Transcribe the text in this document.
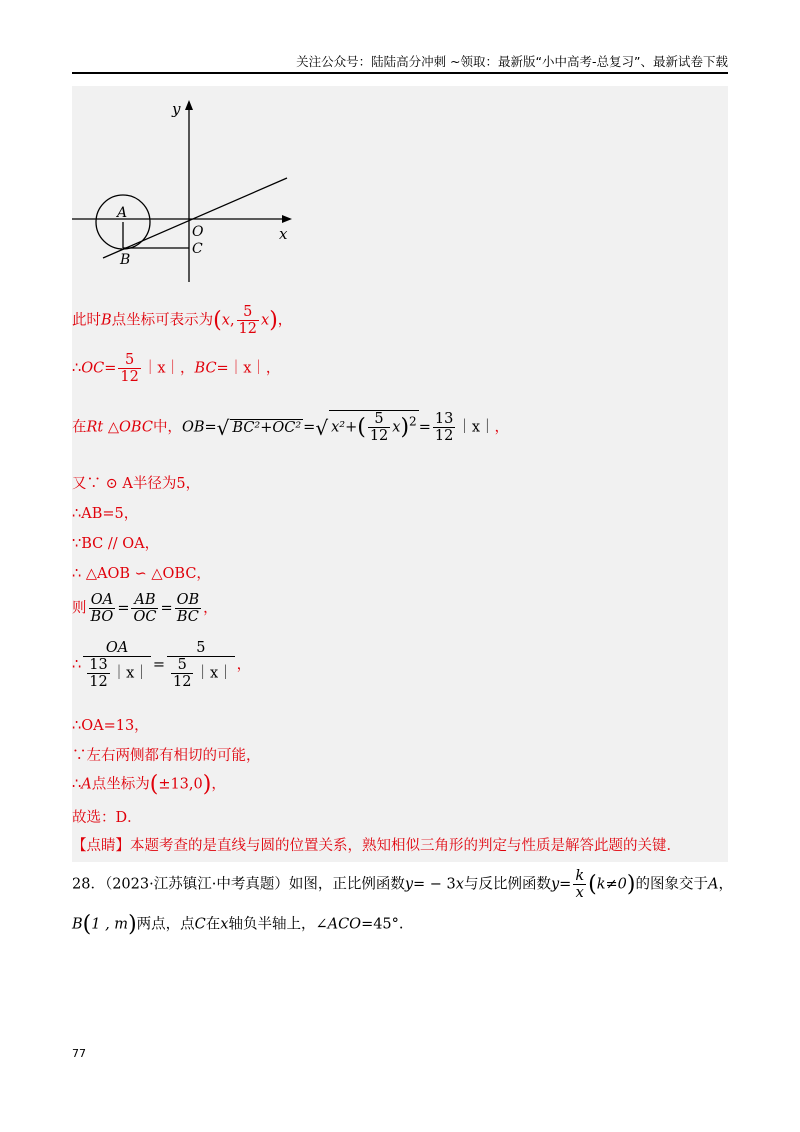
关注公众号：陆陆高分冲刺 ~领取：最新版“小中高考-总复习”、最新试卷下载
y
x
A
B
O
C
此时B点坐标可表示为(x, $\frac{5}{12} x$)，
∴OC= $\frac{5}{12}$ ｜x｜，BC=｜x｜，
在Rt △OBC中，OB=√ BC²+OC² =√ $x^2+( \frac{5}{12} x)^2 = \frac{13}{12}$ ｜x｜，
又∵ ⊙ A半径为5，
∴AB=5，
∵BC // OA，
∴ △AOB ∽ △OBC，
则 $\frac{OA}{BO} = \frac{AB}{OC} = \frac{OB}{BC}$ ，
∴ $\frac{OA}{\frac{13}{12} |x|} = \frac{5}{\frac{5}{12} |x|}$ ，
∴OA=13，
∵左右两侧都有相切的可能，
∴A点坐标为(±13,0)，
故选：D．
【点睛】本题考查的是直线与圆的位置关系，熟知相似三角形的判定与性质是解答此题的关键．
28．（2023·江苏镇江·中考真题）如图，正比例函数y= − 3x与反比例函数$y= \frac{k}{x} (k\ne 0)$的图象交于A，
B(1 , m)两点，点C在x轴负半轴上，∠ACO=45°.
77
